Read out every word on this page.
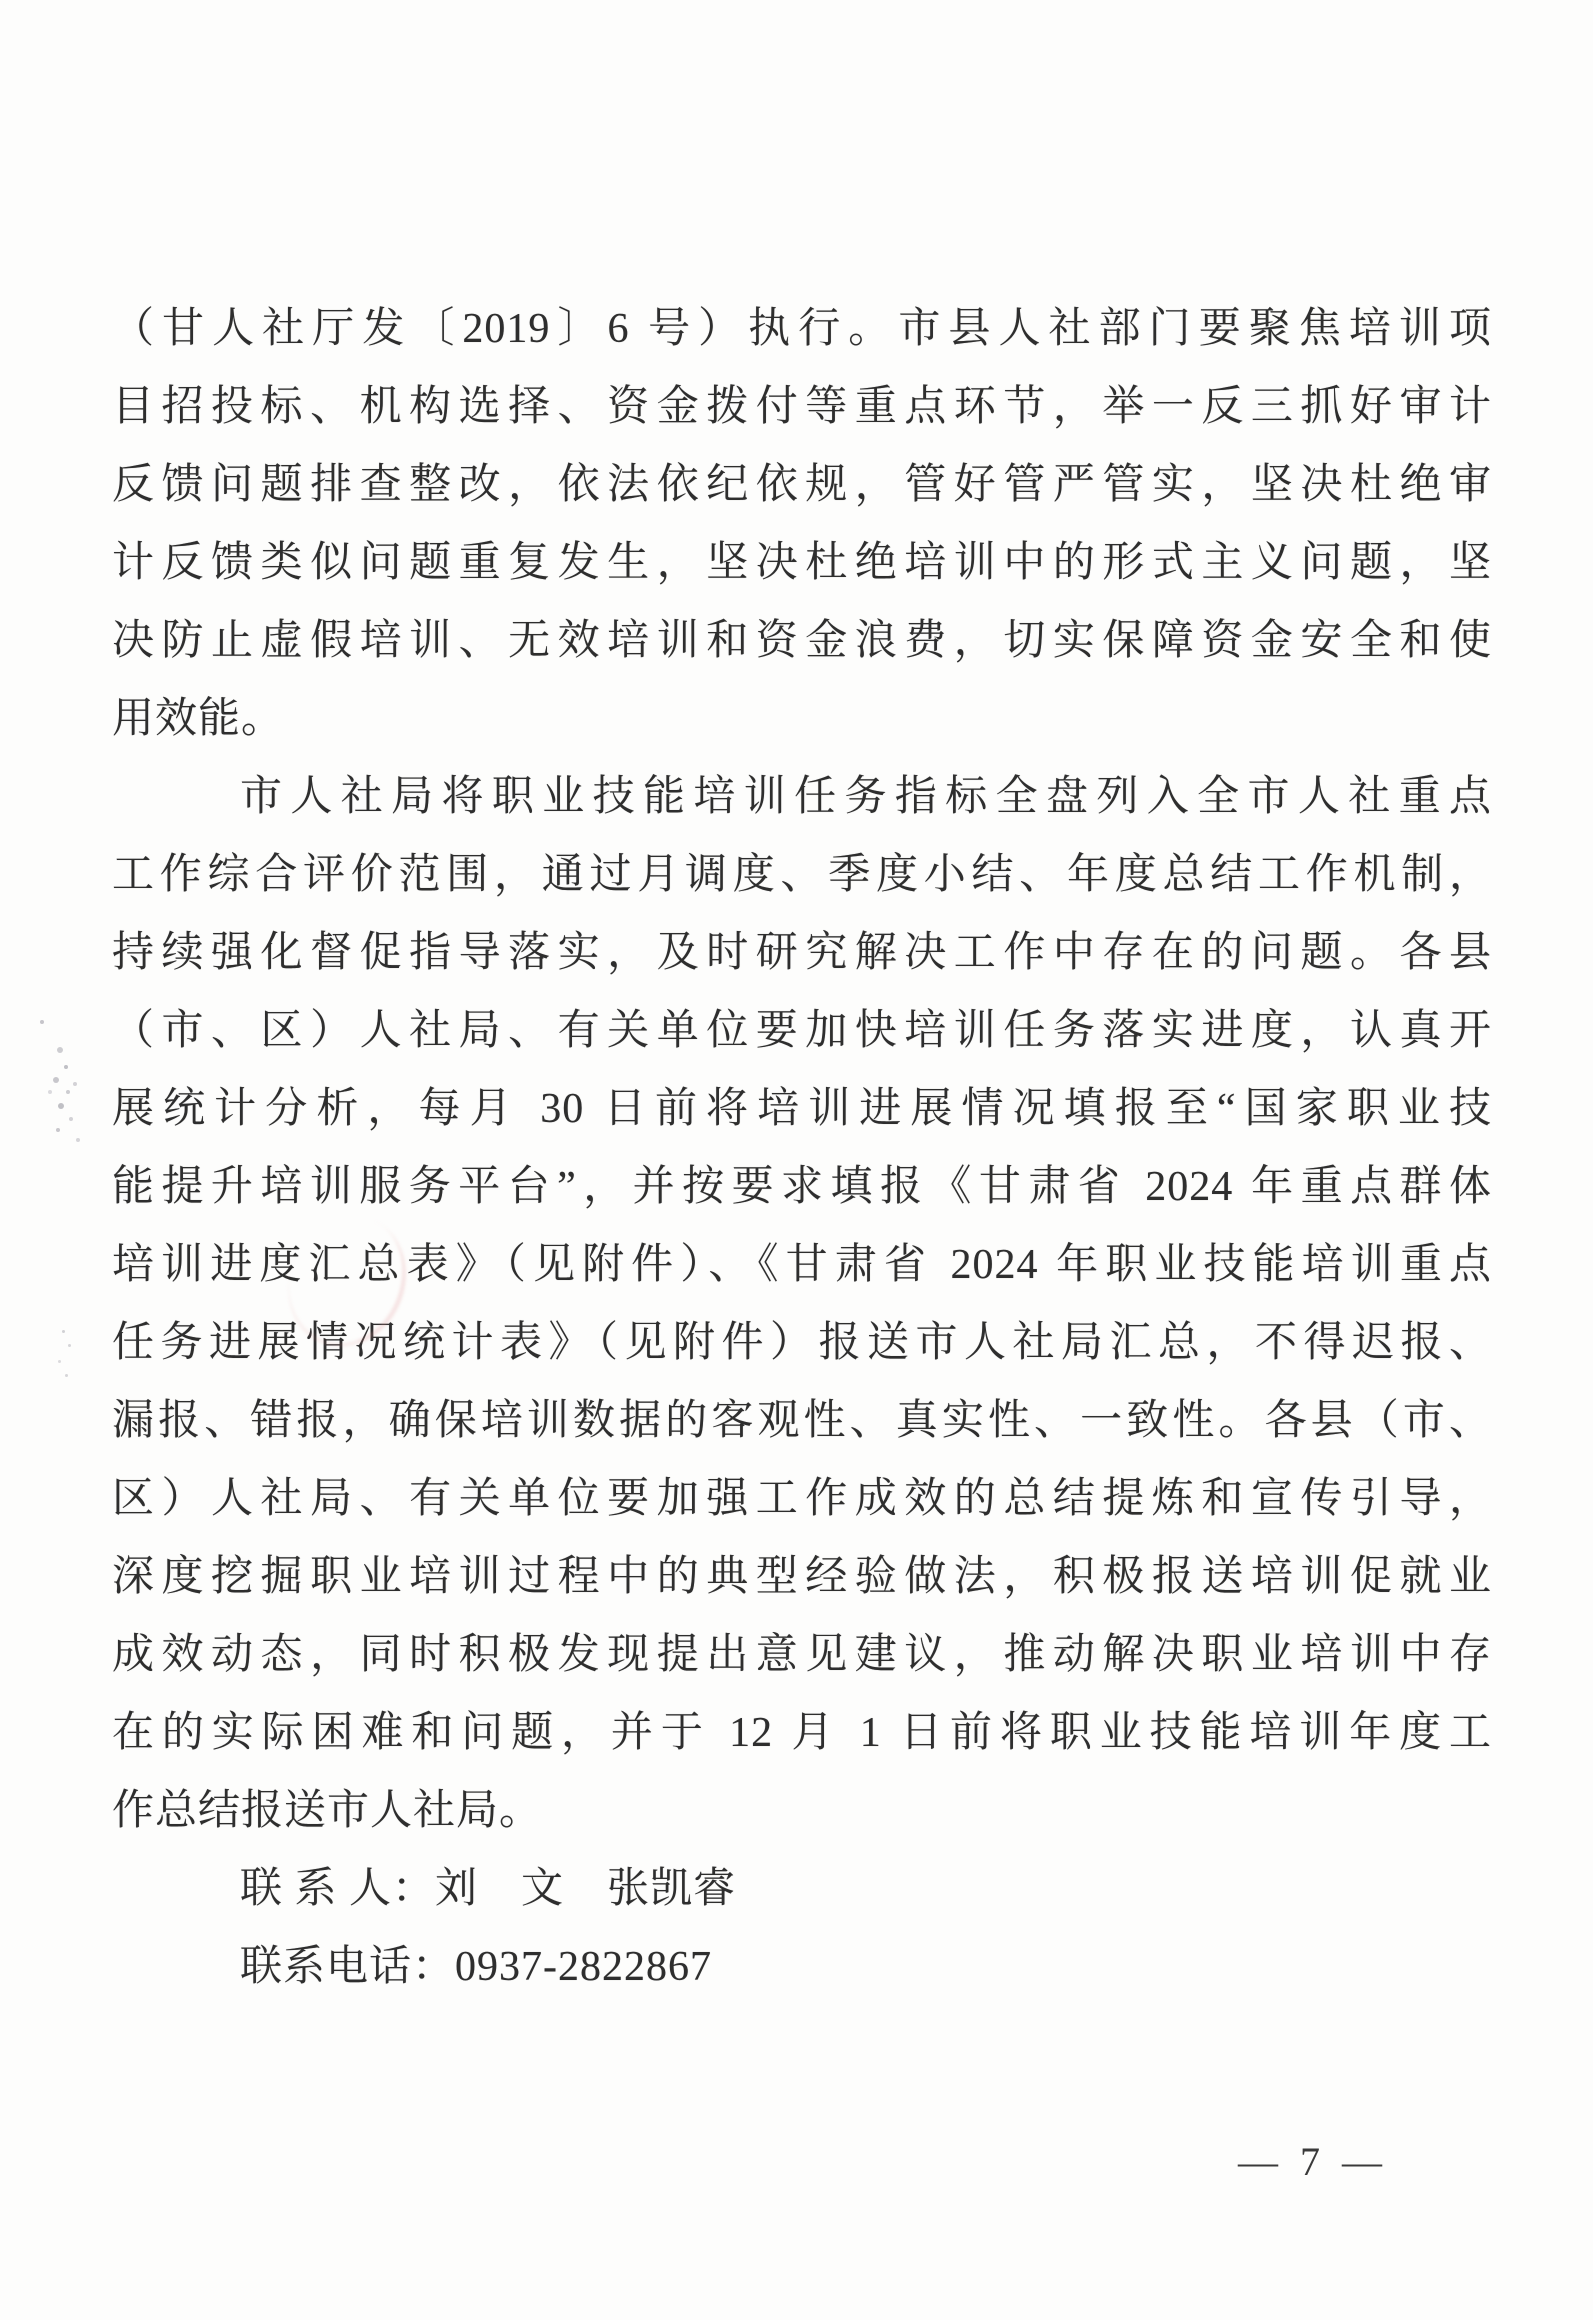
（甘人社厅发〔2019〕6 号）执行。市县人社部门要聚焦培训项
目招投标、机构选择、资金拨付等重点环节，举一反三抓好审计
反馈问题排查整改，依法依纪依规，管好管严管实，坚决杜绝审
计反馈类似问题重复发生，坚决杜绝培训中的形式主义问题，坚
决防止虚假培训、无效培训和资金浪费，切实保障资金安全和使
用效能。
市人社局将职业技能培训任务指标全盘列入全市人社重点
工作综合评价范围，通过月调度、季度小结、年度总结工作机制，
持续强化督促指导落实，及时研究解决工作中存在的问题。各县
（市、区）人社局、有关单位要加快培训任务落实进度，认真开
展统计分析，每月 30 日前将培训进展情况填报至“国家职业技
能提升培训服务平台”，并按要求填报《甘肃省 2024 年重点群体
培训进度汇总表》（见附件）、《甘肃省 2024 年职业技能培训重点
任务进展情况统计表》（见附件）报送市人社局汇总，不得迟报、
漏报、错报，确保培训数据的客观性、真实性、一致性。各县（市、
区）人社局、有关单位要加强工作成效的总结提炼和宣传引导，
深度挖掘职业培训过程中的典型经验做法，积极报送培训促就业
成效动态，同时积极发现提出意见建议，推动解决职业培训中存
在的实际困难和问题，并于 12 月 1 日前将职业技能培训年度工
作总结报送市人社局。
联 系 人：刘　文　张凯睿
联系电话：0937-2822867
— 7 —
